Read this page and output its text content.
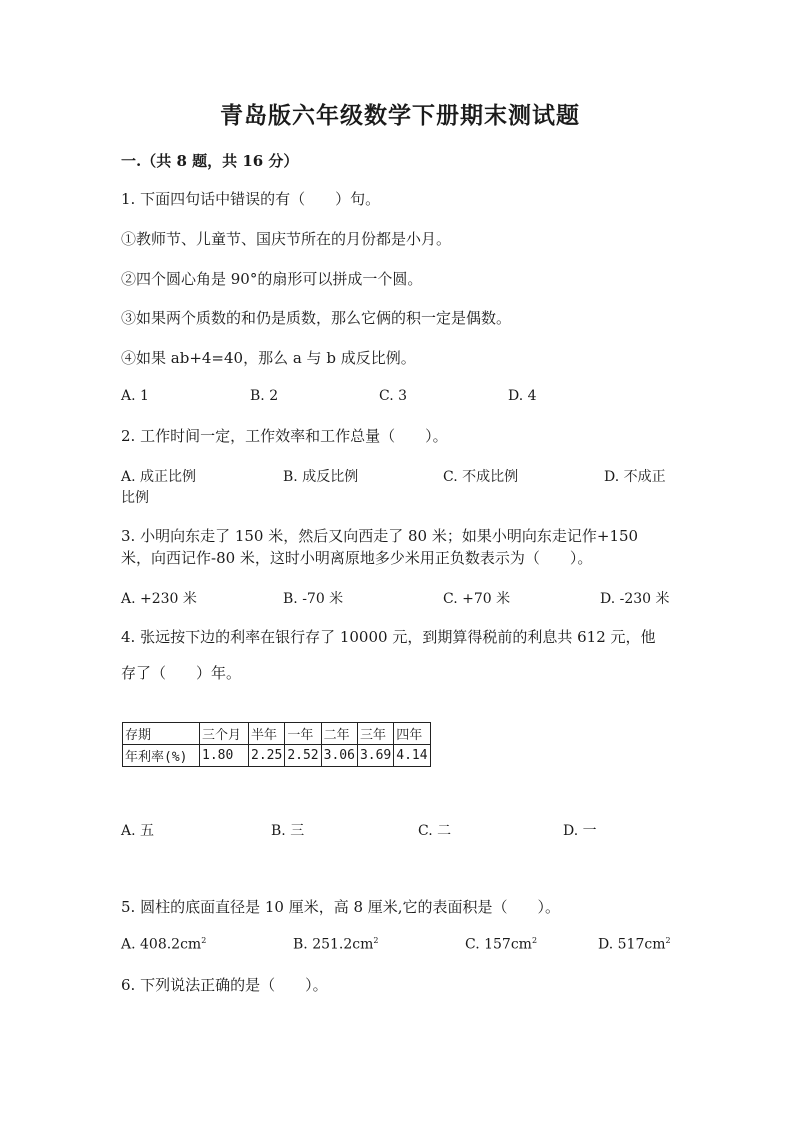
青岛版六年级数学下册期末测试题
一.（共 8 题，共 16 分）
1. 下面四句话中错误的有（　　）句。
①教师节、儿童节、国庆节所在的月份都是小月。
②四个圆心角是 90°的扇形可以拼成一个圆。
③如果两个质数的和仍是质数，那么它俩的积一定是偶数。
④如果 ab+4=40，那么 a 与 b 成反比例。
A. 1	B. 2	C. 3	D. 4
2. 工作时间一定，工作效率和工作总量（　　）。
A. 成正比例	B. 成反比例	C. 不成比例	D. 不成正
比例
3. 小明向东走了 150 米，然后又向西走了 80 米；如果小明向东走记作+150
米，向西记作-80 米，这时小明离原地多少米用正负数表示为（　　）。
A. +230 米	B. -70 米	C. +70 米	D. -230 米
4. 张远按下边的利率在银行存了 10000 元，到期算得税前的利息共 612 元，他
存了（　　）年。
存期	三个月	半年	一年	二年	三年	四年
年利率(%)	1.80	2.25	2.52	3.06	3.69	4.14
A. 五	B. 三	C. 二	D. 一
5. 圆柱的底面直径是 10 厘米，高 8 厘米,它的表面积是（　　）。
A. $408.2cm^2$	B. $251.2cm^2$	C. $157cm^2$	D. $517cm^2$
6. 下列说法正确的是（　　）。
